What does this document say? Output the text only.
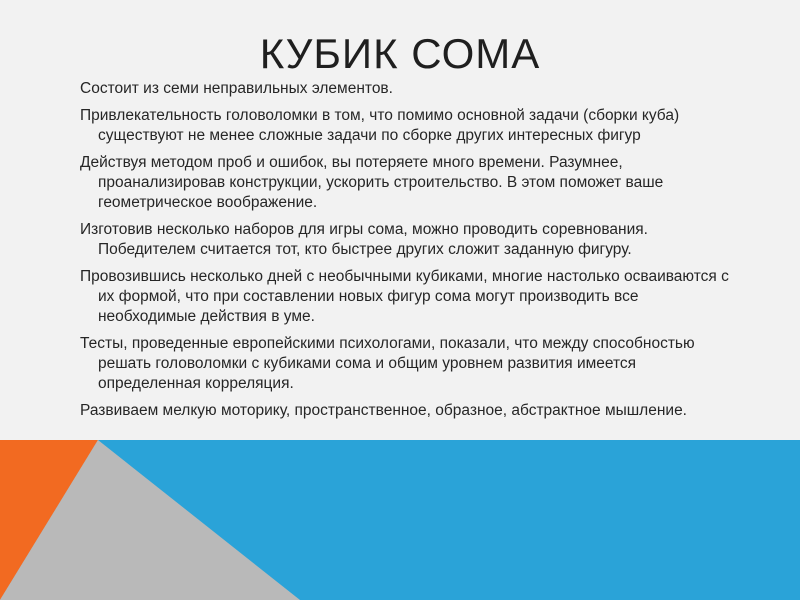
КУБИК СОМА

Состоит из семи неправильных элементов.

Привлекательность головоломки в том, что помимо основной задачи (сборки куба) существуют не менее сложные задачи по сборке других интересных фигур

Действуя методом проб и ошибок, вы потеряете много времени. Разумнее, проанализировав конструкции, ускорить строительство. В этом поможет ваше геометрическое воображение.

Изготовив несколько наборов для игры сома, можно проводить соревнования. Победителем считается тот, кто быстрее других сложит заданную фигуру.

Провозившись несколько дней с необычными кубиками, многие настолько осваиваются с их формой, что при составлении новых фигур сома могут производить все необходимые действия в уме.

Тесты, проведенные европейскими психологами, показали, что между способностью решать головоломки с кубиками сома и общим уровнем развития имеется определенная корреляция.

Развиваем мелкую моторику, пространственное, образное, абстрактное мышление.
